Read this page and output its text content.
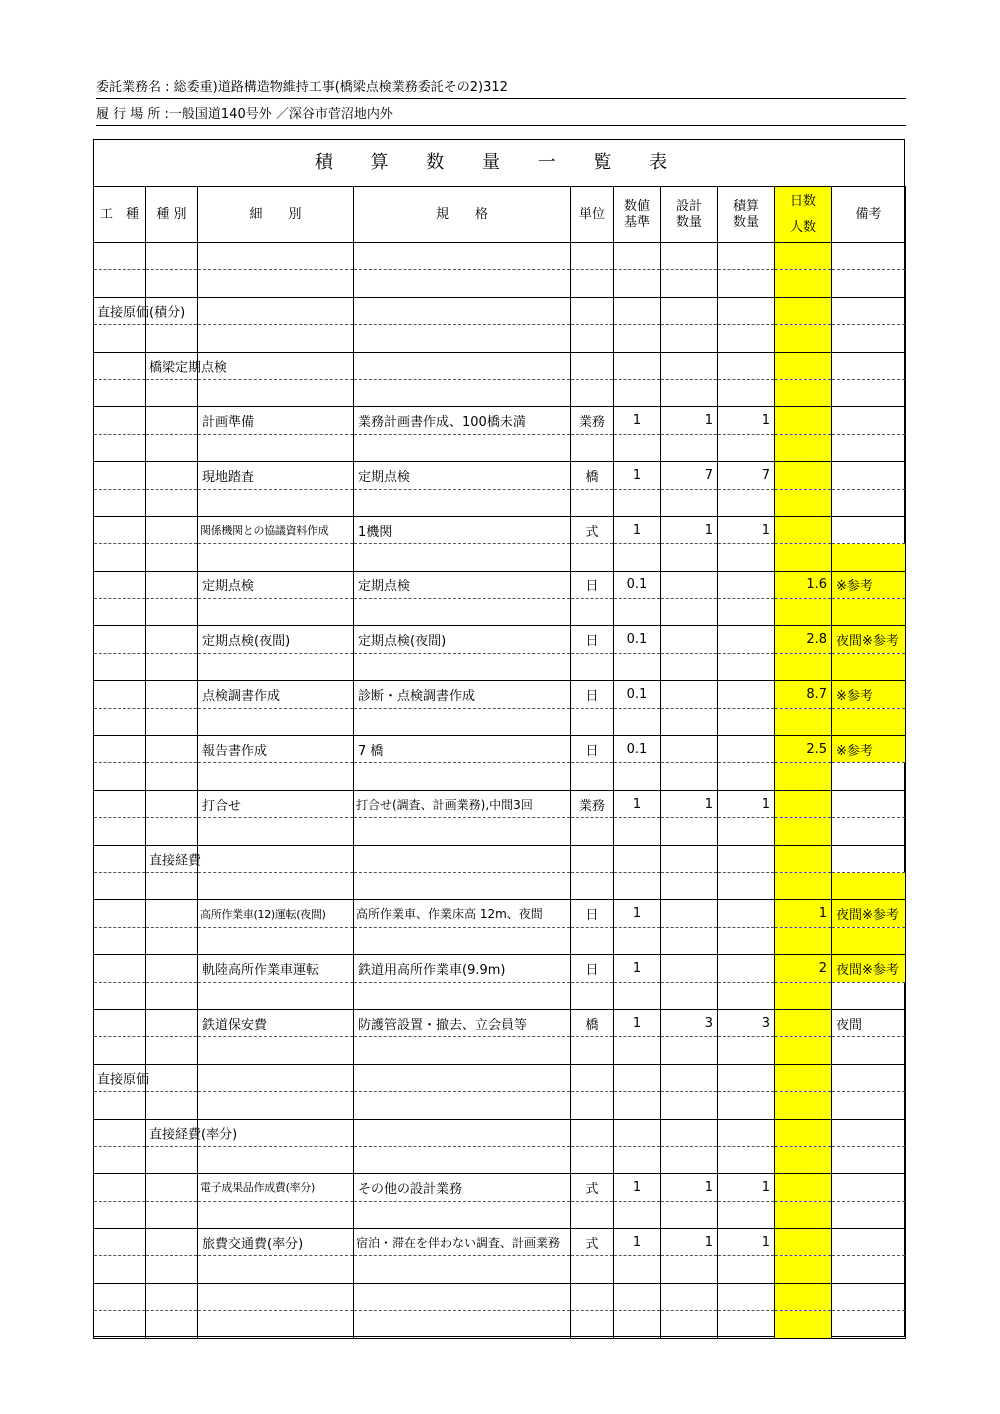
委託業務名 : 総委重)道路構造物維持工事(橋梁点検業務委託その2)312
履 行 場 所 :一般国道140号外 ／深谷市菅沼地内外
積 算 数 量 一 覧 表
工　種	種 別	細　　別	規　　格	単位	数値基準	設計数量	積算数量	日数人数	備考

直接原価(積分)									

	橋梁定期点検								

		計画準備	業務計画書作成、100橋未満	業務	1	1	1		

		現地踏査	定期点検	橋	1	7	7		

		関係機関との協議資料作成	1機関	式	1	1	1		

		定期点検	定期点検	日	0.1			1.6	※参考

		定期点検(夜間)	定期点検(夜間)	日	0.1			2.8	夜間※参考

		点検調書作成	診断・点検調書作成	日	0.1			8.7	※参考

		報告書作成	7 橋	日	0.1			2.5	※参考

		打合せ	打合せ(調査、計画業務),中間3回	業務	1	1	1		

	直接経費								

		高所作業車(12)運転(夜間)	高所作業車、作業床高 12m、夜間	日	1			1	夜間※参考

		軌陸高所作業車運転	鉄道用高所作業車(9.9m)	日	1			2	夜間※参考

		鉄道保安費	防護管設置・撤去、立会員等	橋	1	3	3		夜間

直接原価									

	直接経費(率分)								

		電子成果品作成費(率分)	その他の設計業務	式	1	1	1		

		旅費交通費(率分)	宿泊・滞在を伴わない調査、計画業務	式	1	1	1		
